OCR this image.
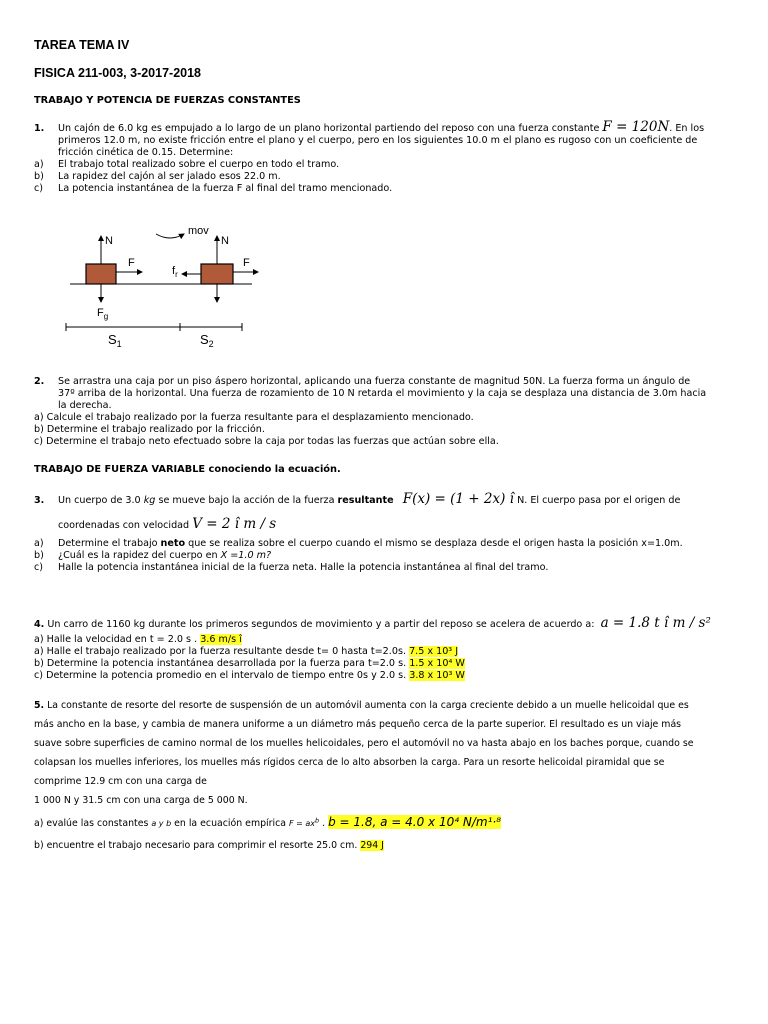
TAREA TEMA IV
FISICA 211-003, 3-2017-2018
TRABAJO Y POTENCIA DE FUERZAS CONSTANTES
1. Un cajón de 6.0 kg es empujado a lo largo de un plano horizontal partiendo del reposo con una fuerza constante F = 120N. En los
primeros 12.0 m, no existe fricción entre el plano y el cuerpo, pero en los siguientes 10.0 m el plano es rugoso con un coeficiente de
fricción cinética de 0.15. Determine:
a) El trabajo total realizado sobre el cuerpo en todo el tramo.
b) La rapidez del cajón al ser jalado esos 22.0 m.
c) La potencia instantánea de la fuerza F al final del tramo mencionado.
N
F
$F_g$
mov
N
F
$f_r$
$S_1$	$S_2$
2. Se arrastra una caja por un piso áspero horizontal, aplicando una fuerza constante de magnitud 50N. La fuerza forma un ángulo de
37º arriba de la horizontal. Una fuerza de rozamiento de 10 N retarda el movimiento y la caja se desplaza una distancia de 3.0m hacia
la derecha.
a) Calcule el trabajo realizado por la fuerza resultante para el desplazamiento mencionado.
b) Determine el trabajo realizado por la fricción.
c) Determine el trabajo neto efectuado sobre la caja por todas las fuerzas que actúan sobre ella.
TRABAJO DE FUERZA VARIABLE conociendo la ecuación.
3. Un cuerpo de 3.0 kg se mueve bajo la acción de la fuerza resultante F(x) = (1 + 2x) î N. El cuerpo pasa por el origen de
coordenadas con velocidad V = 2 î m / s
a) Determine el trabajo neto que se realiza sobre el cuerpo cuando el mismo se desplaza desde el origen hasta la posición x=1.0m.
b) ¿Cuál es la rapidez del cuerpo en X =1.0 m?
c) Halle la potencia instantánea inicial de la fuerza neta. Halle la potencia instantánea al final del tramo.
4. Un carro de 1160 kg durante los primeros segundos de movimiento y a partir del reposo se acelera de acuerdo a: a = 1.8 t î m / s²
a) Halle la velocidad en t = 2.0 s . 3.6 m/s î
a) Halle el trabajo realizado por la fuerza resultante desde t= 0 hasta t=2.0s. 7.5 x 10³ J
b) Determine la potencia instantánea desarrollada por la fuerza para t=2.0 s. 1.5 x 10⁴ W
c) Determine la potencia promedio en el intervalo de tiempo entre 0s y 2.0 s. 3.8 x 10³ W
5. La constante de resorte del resorte de suspensión de un automóvil aumenta con la carga creciente debido a un muelle helicoidal que es
más ancho en la base, y cambia de manera uniforme a un diámetro más pequeño cerca de la parte superior. El resultado es un viaje más
suave sobre superficies de camino normal de los muelles helicoidales, pero el automóvil no va hasta abajo en los baches porque, cuando se
colapsan los muelles inferiores, los muelles más rígidos cerca de lo alto absorben la carga. Para un resorte helicoidal piramidal que se
comprime 12.9 cm con una carga de
1 000 N y 31.5 cm con una carga de 5 000 N.
a) evalúe las constantes a y b en la ecuación empírica $F = ax^b$ . b = 1.8, a = 4.0 x 10⁴ N/m¹·⁸
b) encuentre el trabajo necesario para comprimir el resorte 25.0 cm. 294 J
